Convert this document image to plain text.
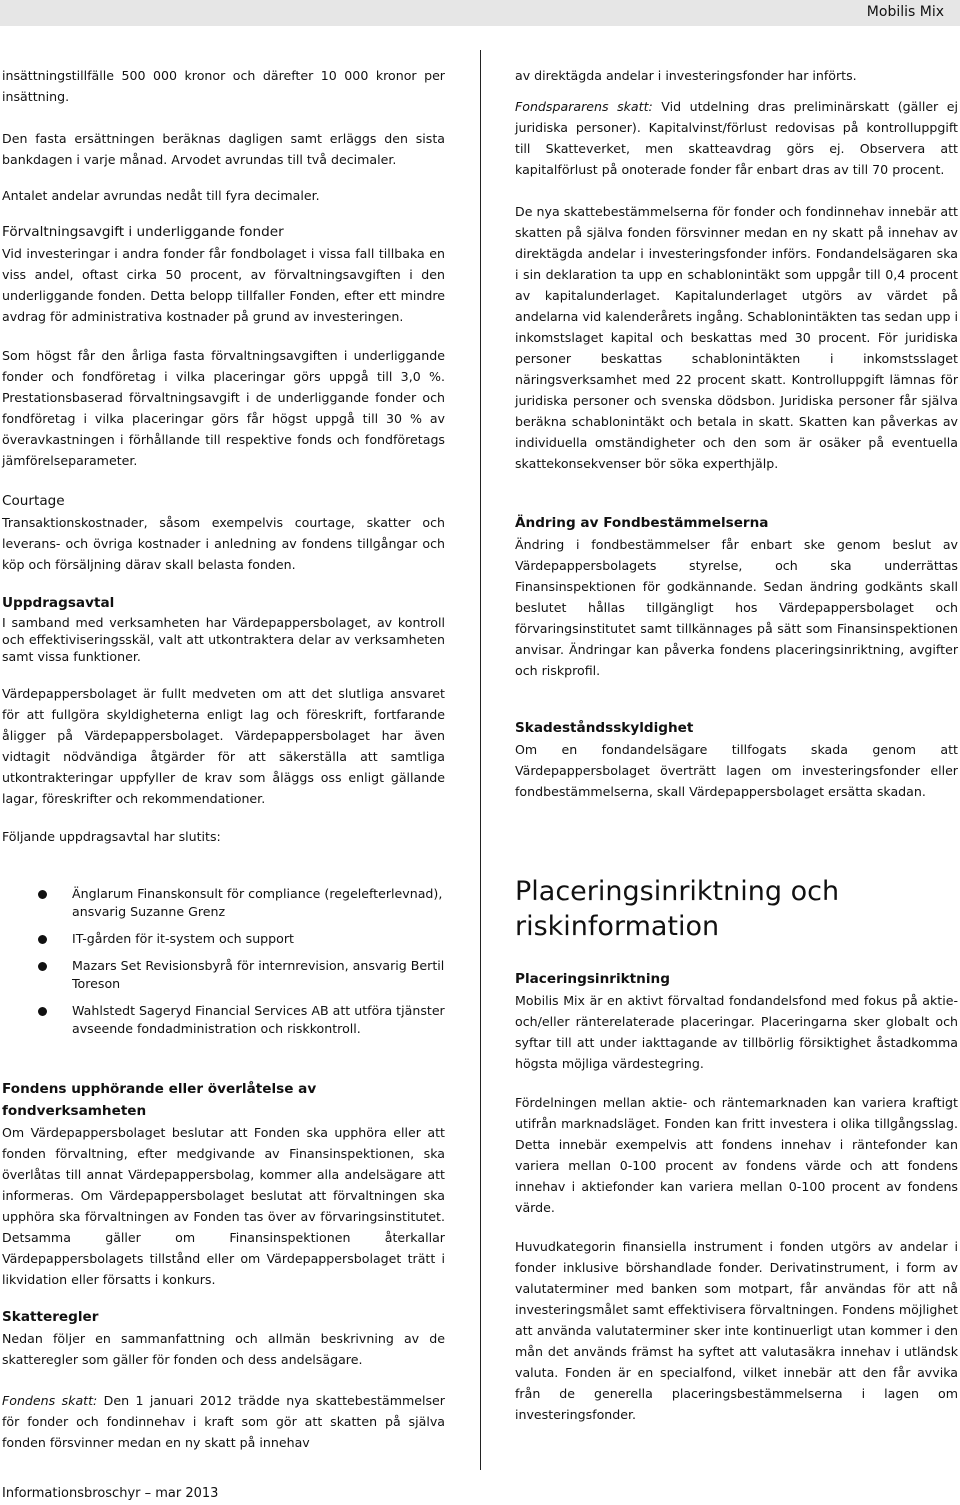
Mobilis Mix

insättningstillfälle 500 000 kronor och därefter 10 000 kronor per insättning.

Den fasta ersättningen beräknas dagligen samt erläggs den sista bankdagen i varje månad. Arvodet avrundas till två decimaler.

Antalet andelar avrundas nedåt till fyra decimaler.

Förvaltningsavgift i underliggande fonder

Vid investeringar i andra fonder får fondbolaget i vissa fall tillbaka en viss andel, oftast cirka 50 procent, av förvaltningsavgiften i den underliggande fonden. Detta belopp tillfaller Fonden, efter ett mindre avdrag för administrativa kostnader på grund av investeringen.

Som högst får den årliga fasta förvaltningsavgiften i underliggande fonder och fondföretag i vilka placeringar görs uppgå till 3,0 %. Prestationsbaserad förvaltningsavgift i de underliggande fonder och fondföretag i vilka placeringar görs får högst uppgå till 30 % av överavkastningen i förhållande till respektive fonds och fondföretags jämförelseparameter.

Courtage

Transaktionskostnader, såsom exempelvis courtage, skatter och leverans- och övriga kostnader i anledning av fondens tillgångar och köp och försäljning därav skall belasta fonden.

Uppdragsavtal

I samband med verksamheten har Värdepappersbolaget, av kontroll och effektiviseringsskäl, valt att utkontraktera delar av verksamheten samt vissa funktioner.

Värdepappersbolaget är fullt medveten om att det slutliga ansvaret för att fullgöra skyldigheterna enligt lag och föreskrift, fortfarande åligger på Värdepappersbolaget. Värdepappersbolaget har även vidtagit nödvändiga åtgärder för att säkerställa att samtliga utkontrakteringar uppfyller de krav som åläggs oss enligt gällande lagar, föreskrifter och rekommendationer.

Följande uppdragsavtal har slutits:

Änglarum Finanskonsult för compliance (regelefterlevnad), ansvarig Suzanne Grenz
IT-gården för it-system och support
Mazars Set Revisionsbyrå för internrevision, ansvarig Bertil Toreson
Wahlstedt Sageryd Financial Services AB att utföra tjänster avseende fondadministration och riskkontroll.
Fondens upphörande eller överlåtelse av fondverksamheten

Om Värdepappersbolaget beslutar att Fonden ska upphöra eller att fonden förvaltning, efter medgivande av Finansinspektionen, ska överlåtas till annat Värdepappersbolag, kommer alla andelsägare att informeras. Om Värdepappersbolaget beslutat att förvaltningen ska upphöra ska förvaltningen av Fonden tas över av förvaringsinstitutet. Detsamma gäller om Finansinspektionen återkallar Värdepappersbolagets tillstånd eller om Värdepappersbolaget trätt i likvidation eller försatts i konkurs.

Skatteregler

Nedan följer en sammanfattning och allmän beskrivning av de skatteregler som gäller för fonden och dess andelsägare.

Fondens skatt: Den 1 januari 2012 trädde nya skattebestämmelser för fonder och fondinnehav i kraft som gör att skatten på själva fonden försvinner medan en ny skatt på innehav

av direktägda andelar i investeringsfonder har införts.

Fondspararens skatt: Vid utdelning dras preliminärskatt (gäller ej juridiska personer). Kapitalvinst/förlust redovisas på kontrolluppgift till Skatteverket, men skatteavdrag görs ej. Observera att kapitalförlust på onoterade fonder får enbart dras av till 70 procent.

De nya skattebestämmelserna för fonder och fondinnehav innebär att skatten på själva fonden försvinner medan en ny skatt på innehav av direktägda andelar i investeringsfonder införs. Fondandelsägaren ska i sin deklaration ta upp en schablonintäkt som uppgår till 0,4 procent av kapitalunderlaget. Kapitalunderlaget utgörs av värdet på andelarna vid kalenderårets ingång. Schablonintäkten tas sedan upp i inkomstslaget kapital och beskattas med 30 procent. För juridiska personer beskattas schablonintäkten i inkomstsslaget näringsverksamhet med 22 procent skatt. Kontrolluppgift lämnas för juridiska personer och svenska dödsbon. Juridiska personer får själva beräkna schablonintäkt och betala in skatt. Skatten kan påverkas av individuella omständigheter och den som är osäker på eventuella skattekonsekvenser bör söka experthjälp.

Ändring av Fondbestämmelserna

Ändring i fondbestämmelser får enbart ske genom beslut av Värdepappersbolagets styrelse, och ska underrättas Finansinspektionen för godkännande. Sedan ändring godkänts skall beslutet hållas tillgängligt hos Värdepappersbolaget och förvaringsinstitutet samt tillkännages på sätt som Finansinspektionen anvisar. Ändringar kan påverka fondens placeringsinriktning, avgifter och riskprofil.

Skadeståndsskyldighet

Om en fondandelsägare tillfogats skada genom att Värdepappersbolaget överträtt lagen om investeringsfonder eller fondbestämmelserna, skall Värdepappersbolaget ersätta skadan.

Placeringsinriktning och riskinformation
Placeringsinriktning

Mobilis Mix är en aktivt förvaltad fondandelsfond med fokus på aktie- och/eller ränterelaterade placeringar. Placeringarna sker globalt och syftar till att under iakttagande av tillbörlig försiktighet åstadkomma högsta möjliga värdestegring.

Fördelningen mellan aktie- och räntemarknaden kan variera kraftigt utifrån marknadsläget. Fonden kan fritt investera i olika tillgångsslag. Detta innebär exempelvis att fondens innehav i räntefonder kan variera mellan 0-100 procent av fondens värde och att fondens innehav i aktiefonder kan variera mellan 0-100 procent av fondens värde.

Huvudkategorin finansiella instrument i fonden utgörs av andelar i fonder inklusive börshandlade fonder. Derivatinstrument, i form av valutaterminer med banken som motpart, får användas för att nå investeringsmålet samt effektivisera förvaltningen. Fondens möjlighet att använda valutaterminer sker inte kontinuerligt utan kommer i den mån det används främst ha syftet att valutasäkra innehav i utländsk valuta. Fonden är en specialfond, vilket innebär att den får avvika från de generella placeringsbestämmelserna i lagen om investeringsfonder.

Informationsbroschyr – mar 2013
